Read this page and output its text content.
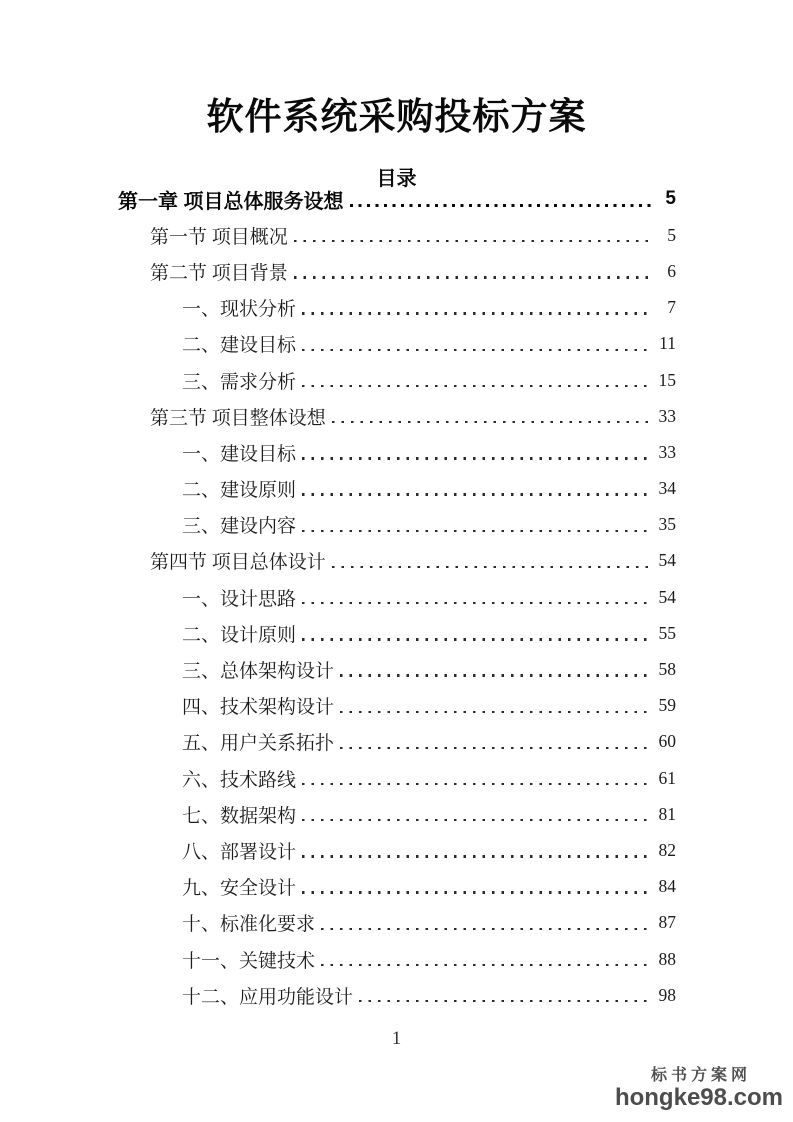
软件系统采购投标方案
目录
第一章 项目总体服务设想	5
第一节 项目概况	5
第二节 项目背景	6
一、现状分析	7
二、建设目标	11
三、需求分析	15
第三节 项目整体设想	33
一、建设目标	33
二、建设原则	34
三、建设内容	35
第四节 项目总体设计	54
一、设计思路	54
二、设计原则	55
三、总体架构设计	58
四、技术架构设计	59
五、用户关系拓扑	60
六、技术路线	61
七、数据架构	81
八、部署设计	82
九、安全设计	84
十、标准化要求	87
十一、关键技术	88
十二、应用功能设计	98
1
标书方案网
hongke98.com
